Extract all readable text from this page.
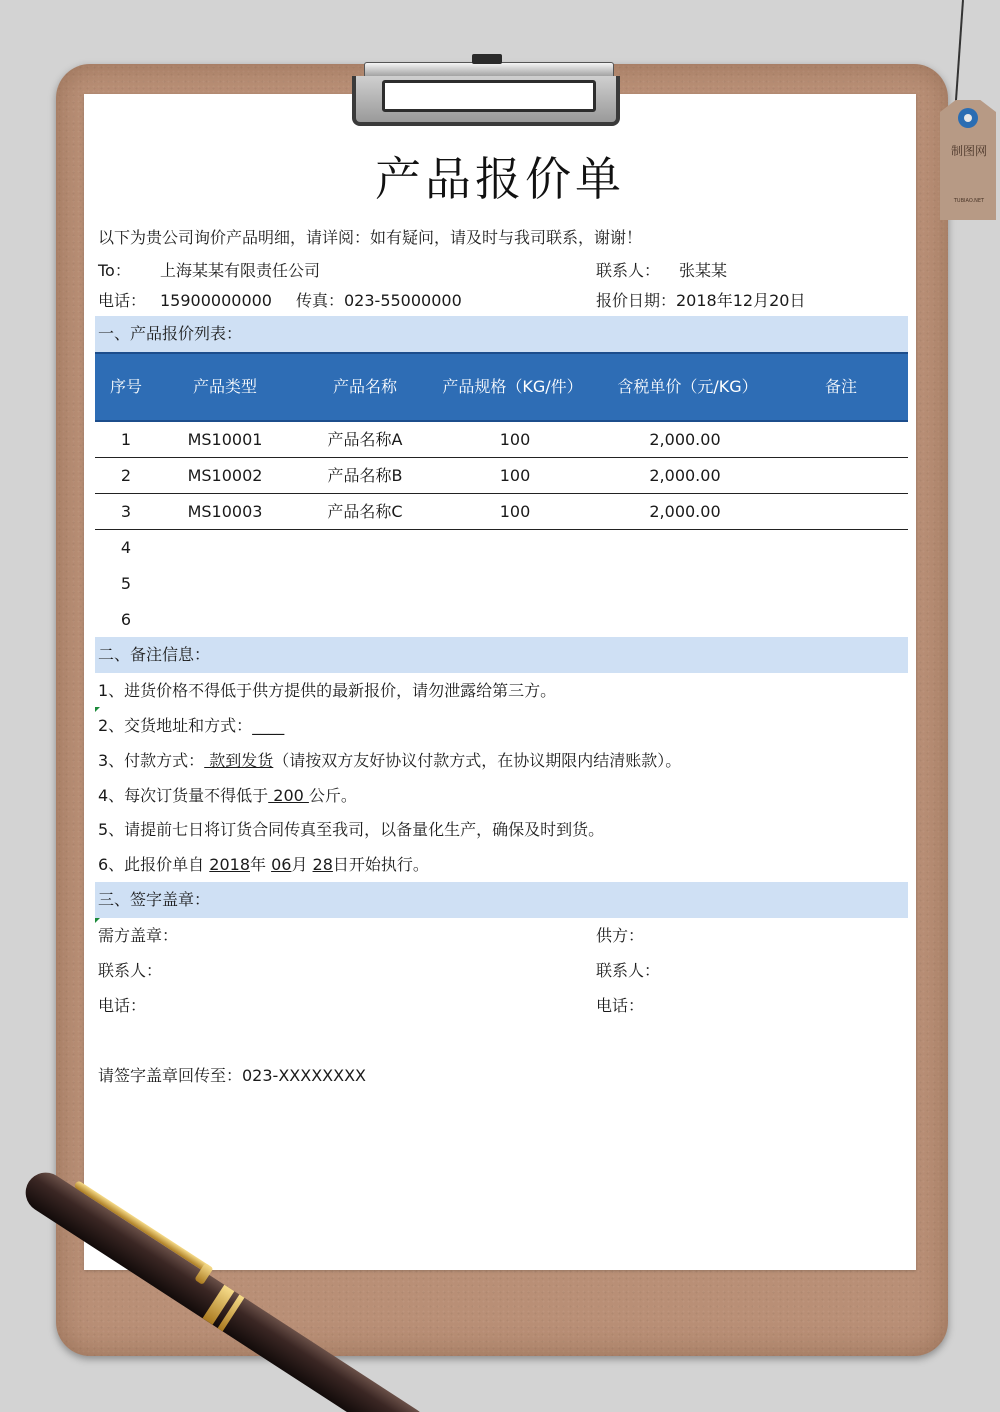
制图网
TUBIAO.NET
产品报价单
以下为贵公司询价产品明细，请详阅：如有疑问，请及时与我司联系，谢谢！
To： 上海某某有限责任公司	联系人： 张某某
电话： 15900000000 传真：023-55000000	报价日期：2018年12月20日
一、产品报价列表：
序号	产品类型	产品名称	产品规格（KG/件）	含税单价（元/KG）	备注
1	MS10001	产品名称A	100	2,000.00
2	MS10002	产品名称B	100	2,000.00
3	MS10003	产品名称C	100	2,000.00
4
5
6
二、备注信息：
1、进货价格不得低于供方提供的最新报价，请勿泄露给第三方。
2、交货地址和方式：____
3、付款方式： 款到发货（请按双方友好协议付款方式，在协议期限内结清账款）。
4、每次订货量不得低于 200 公斤。
5、请提前七日将订货合同传真至我司，以备量化生产，确保及时到货。
6、此报价单自 2018年 06月 28日开始执行。
三、签字盖章：
需方盖章：	供方：
联系人：	联系人：
电话：	电话：
请签字盖章回传至：023-XXXXXXXX
